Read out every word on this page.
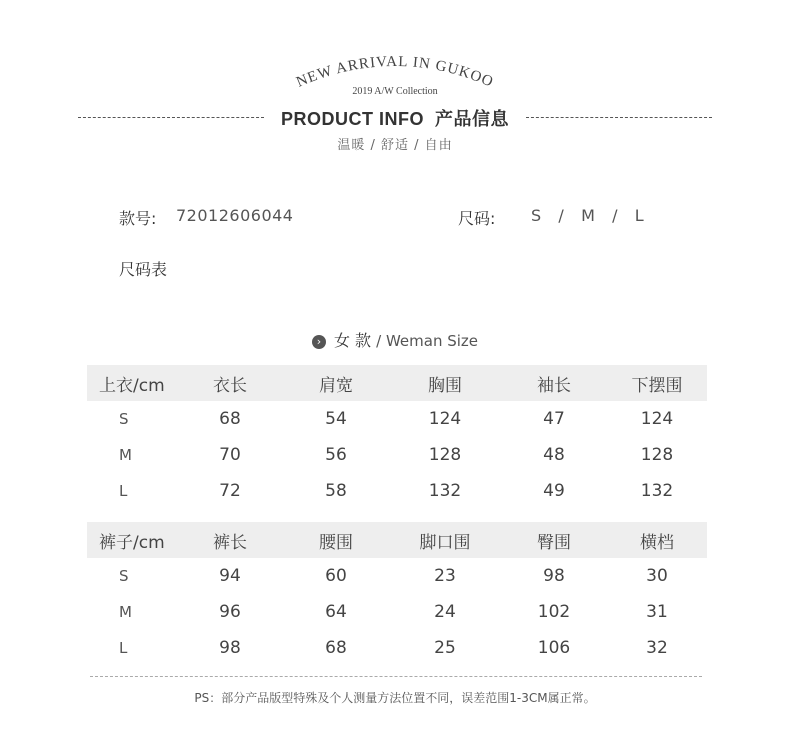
NEW ARRIVAL IN GUKOO
2019 A/W Collection
PRODUCT INFO  产品信息
温暖 / 舒适 / 自由
款号: 72012606044	尺码: S   /   M   /   L
尺码表
› 女 款 / Weman Size
上衣/cm	衣长	肩宽	胸围	袖长	下摆围
S	68	54	124	47	124
M	70	56	128	48	128
L	72	58	132	49	132
裤子/cm	裤长	腰围	脚口围	臀围	横档
S	94	60	23	98	30
M	96	64	24	102	31
L	98	68	25	106	32
PS：部分产品版型特殊及个人测量方法位置不同，误差范围1-3CM属正常。
